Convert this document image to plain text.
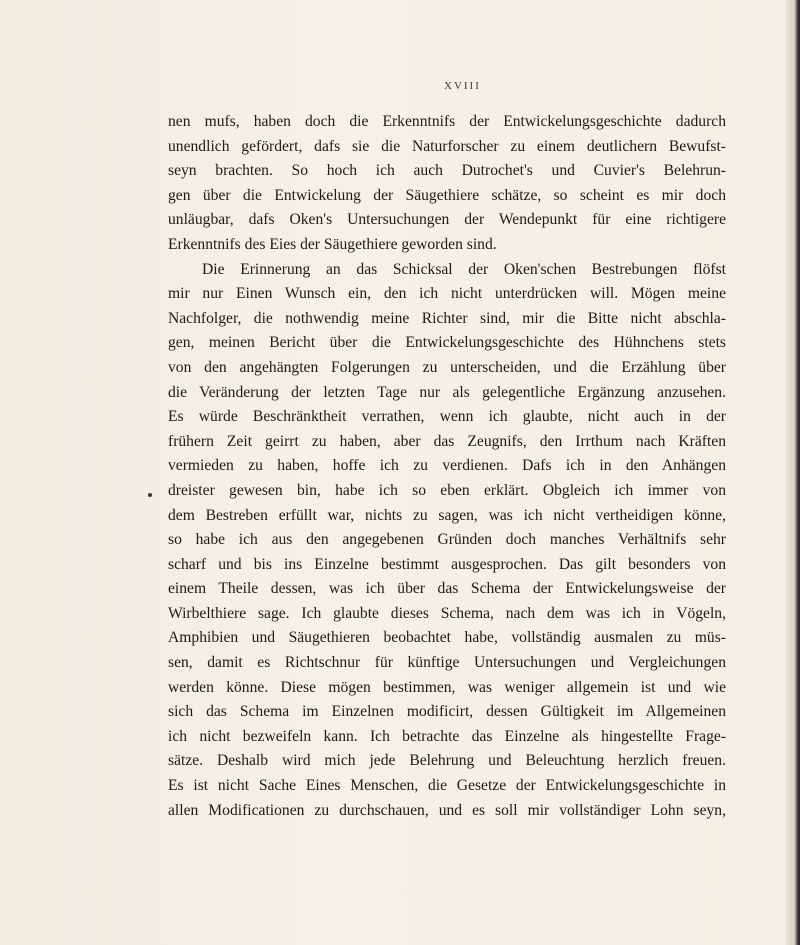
XVIII
nen mufs, haben doch die Erkenntnifs der Entwickelungsgeschichte dadurch
unendlich gefördert, dafs sie die Naturforscher zu einem deutlichern Bewufst-
seyn brachten. So hoch ich auch Dutrochet's und Cuvier's Belehrun-
gen über die Entwickelung der Säugethiere schätze, so scheint es mir doch
unläugbar, dafs Oken's Untersuchungen der Wendepunkt für eine richtigere
Erkenntnifs des Eies der Säugethiere geworden sind.
Die Erinnerung an das Schicksal der Oken'schen Bestrebungen flöfst
mir nur Einen Wunsch ein, den ich nicht unterdrücken will. Mögen meine
Nachfolger, die nothwendig meine Richter sind, mir die Bitte nicht abschla-
gen, meinen Bericht über die Entwickelungsgeschichte des Hühnchens stets
von den angehängten Folgerungen zu unterscheiden, und die Erzählung über
die Veränderung der letzten Tage nur als gelegentliche Ergänzung anzusehen.
Es würde Beschränktheit verrathen, wenn ich glaubte, nicht auch in der
frühern Zeit geirrt zu haben, aber das Zeugnifs, den Irrthum nach Kräften
vermieden zu haben, hoffe ich zu verdienen. Dafs ich in den Anhängen
dreister gewesen bin, habe ich so eben erklärt. Obgleich ich immer von
dem Bestreben erfüllt war, nichts zu sagen, was ich nicht vertheidigen könne,
so habe ich aus den angegebenen Gründen doch manches Verhältnifs sehr
scharf und bis ins Einzelne bestimmt ausgesprochen. Das gilt besonders von
einem Theile dessen, was ich über das Schema der Entwickelungsweise der
Wirbelthiere sage. Ich glaubte dieses Schema, nach dem was ich in Vögeln,
Amphibien und Säugethieren beobachtet habe, vollständig ausmalen zu müs-
sen, damit es Richtschnur für künftige Untersuchungen und Vergleichungen
werden könne. Diese mögen bestimmen, was weniger allgemein ist und wie
sich das Schema im Einzelnen modificirt, dessen Gültigkeit im Allgemeinen
ich nicht bezweifeln kann. Ich betrachte das Einzelne als hingestellte Frage-
sätze. Deshalb wird mich jede Belehrung und Beleuchtung herzlich freuen.
Es ist nicht Sache Eines Menschen, die Gesetze der Entwickelungsgeschichte in
allen Modificationen zu durchschauen, und es soll mir vollständiger Lohn seyn,
